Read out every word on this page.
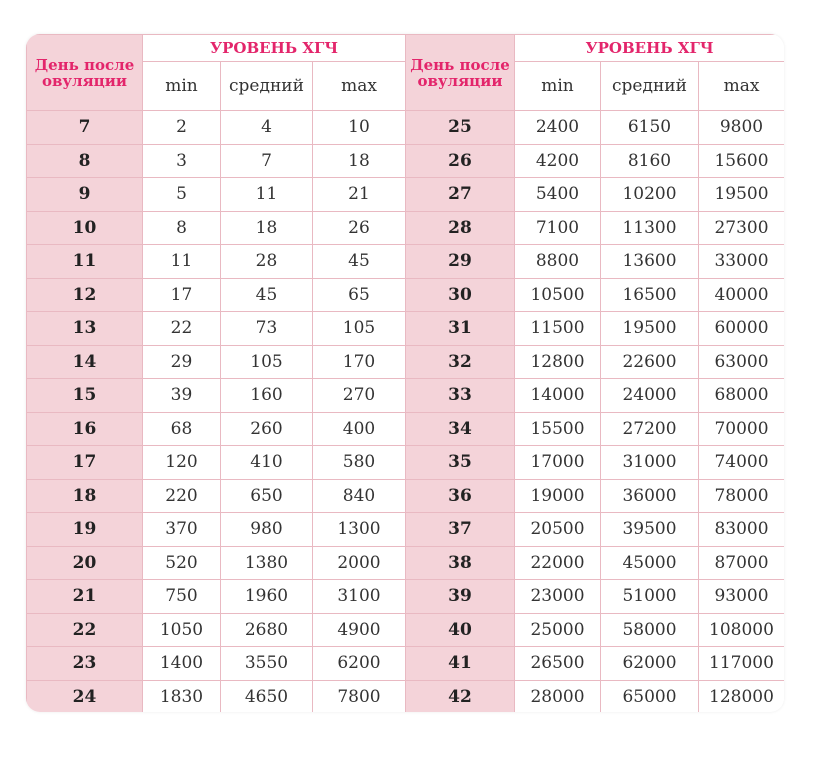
День после овуляции	УРОВЕНЬ ХГЧ			День после овуляции	УРОВЕНЬ ХГЧ		
	min	средний	max		min	средний	max
7	2	4	10	25	2400	6150	9800
8	3	7	18	26	4200	8160	15600
9	5	11	21	27	5400	10200	19500
10	8	18	26	28	7100	11300	27300
11	11	28	45	29	8800	13600	33000
12	17	45	65	30	10500	16500	40000
13	22	73	105	31	11500	19500	60000
14	29	105	170	32	12800	22600	63000
15	39	160	270	33	14000	24000	68000
16	68	260	400	34	15500	27200	70000
17	120	410	580	35	17000	31000	74000
18	220	650	840	36	19000	36000	78000
19	370	980	1300	37	20500	39500	83000
20	520	1380	2000	38	22000	45000	87000
21	750	1960	3100	39	23000	51000	93000
22	1050	2680	4900	40	25000	58000	108000
23	1400	3550	6200	41	26500	62000	117000
24	1830	4650	7800	42	28000	65000	128000
